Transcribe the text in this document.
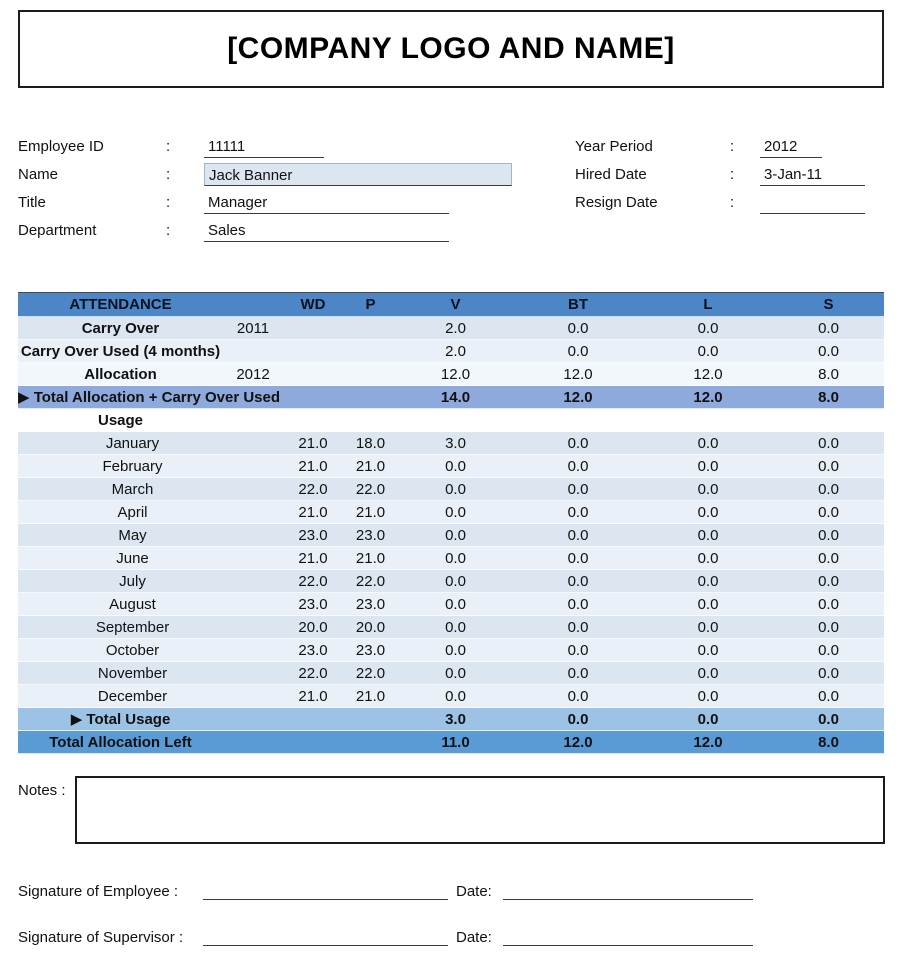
[COMPANY LOGO AND NAME]
Employee ID	:	11111
Name	:	Jack Banner
Title	:	Manager
Department	:	Sales
Year Period	:	2012
Hired Date	:	3-Jan-11
Resign Date	:
ATTENDANCE		WD	P	V	BT	L	S
Carry Over	2011			2.0	0.0	0.0	0.0
Carry Over Used (4 months)				2.0	0.0	0.0	0.0
Allocation	2012			12.0	12.0	12.0	8.0
▶ Total Allocation + Carry Over Used				14.0	12.0	12.0	8.0
Usage							
January		21.0	18.0	3.0	0.0	0.0	0.0
February		21.0	21.0	0.0	0.0	0.0	0.0
March		22.0	22.0	0.0	0.0	0.0	0.0
April		21.0	21.0	0.0	0.0	0.0	0.0
May		23.0	23.0	0.0	0.0	0.0	0.0
June		21.0	21.0	0.0	0.0	0.0	0.0
July		22.0	22.0	0.0	0.0	0.0	0.0
August		23.0	23.0	0.0	0.0	0.0	0.0
September		20.0	20.0	0.0	0.0	0.0	0.0
October		23.0	23.0	0.0	0.0	0.0	0.0
November		22.0	22.0	0.0	0.0	0.0	0.0
December		21.0	21.0	0.0	0.0	0.0	0.0
▶ Total Usage				3.0	0.0	0.0	0.0
Total Allocation Left				11.0	12.0	12.0	8.0
Notes :
Signature of Employee :	Date:
Signature of Supervisor :	Date:
